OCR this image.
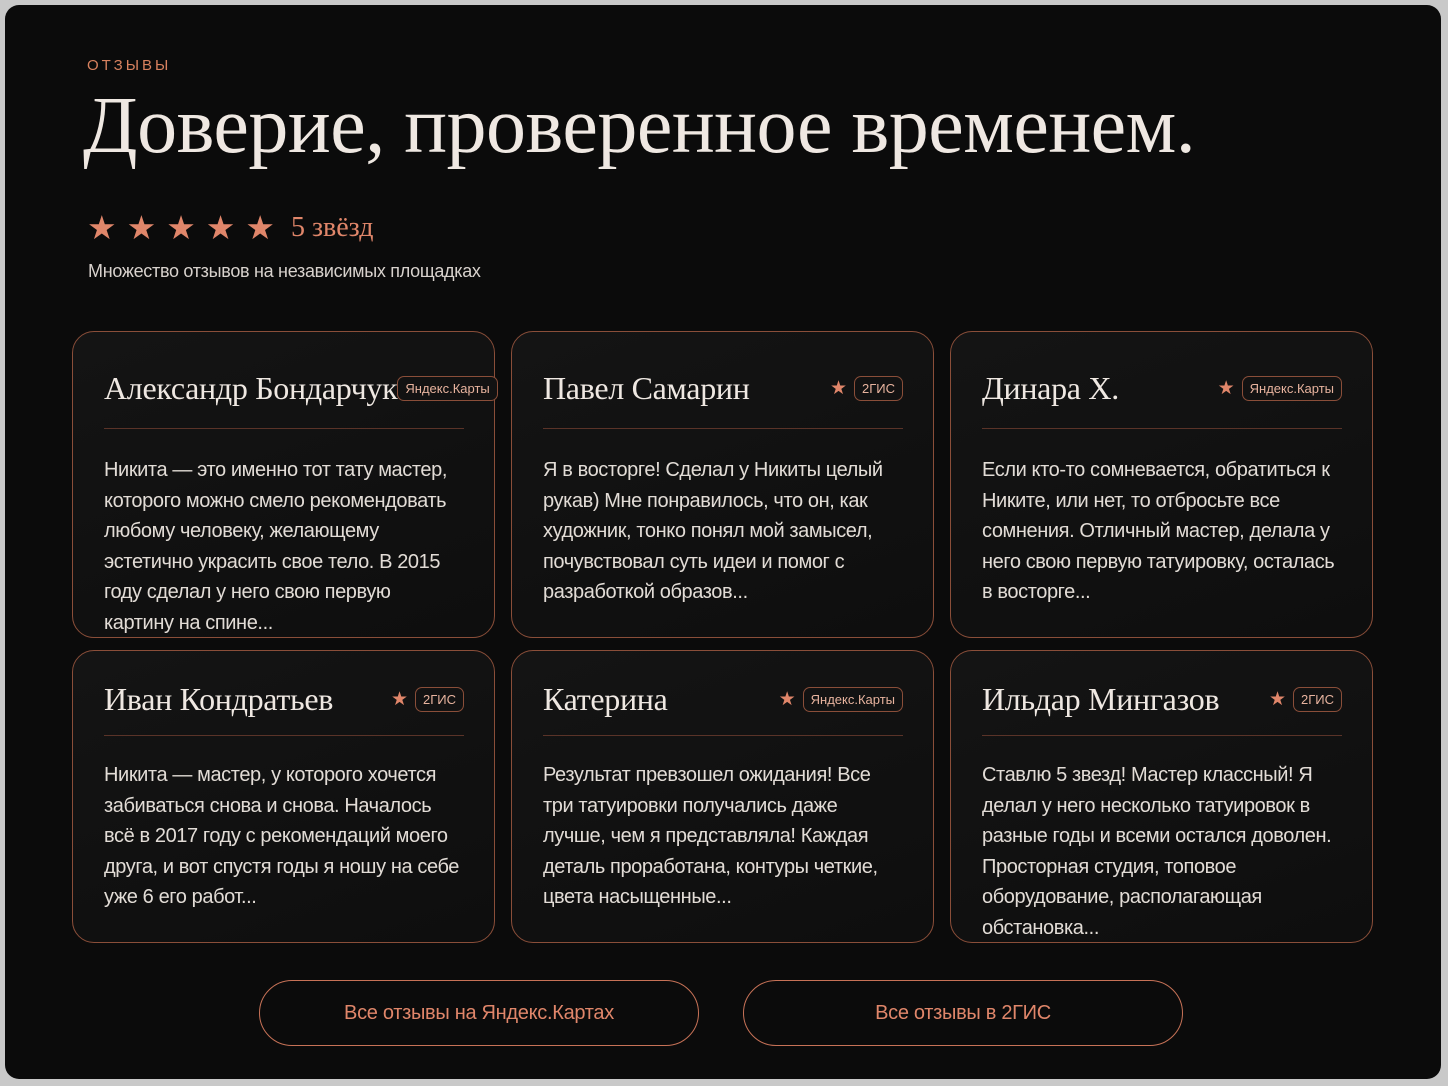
ОТЗЫВЫ
Доверие, проверенное временем.
★ ★ ★ ★ ★ 5 звёзд
Множество отзывов на независимых площадках
Александр Бондарчук Яндекс.Карты
Никита — это именно тот тату мастер, которого можно смело рекомендовать любому человеку, желающему эстетично украсить свое тело. В 2015 году сделал у него свою первую картину на спине...
Павел Самарин	★	2ГИС
Я в восторге! Сделал у Никиты целый рукав) Мне понравилось, что он, как художник, тонко понял мой замысел, почувствовал суть идеи и помог с разработкой образов...
Динара Х.	★	Яндекс.Карты
Если кто-то сомневается, обратиться к Никите, или нет, то отбросьте все сомнения. Отличный мастер, делала у него свою первую татуировку, осталась в восторге...
Иван Кондратьев	★	2ГИС
Никита — мастер, у которого хочется забиваться снова и снова. Началось всё в 2017 году с рекомендаций моего друга, и вот спустя годы я ношу на себе уже 6 его работ...
Катерина	★	Яндекс.Карты
Результат превзошел ожидания! Все три татуировки получались даже лучше, чем я представляла! Каждая деталь проработана, контуры четкие, цвета насыщенные...
Ильдар Мингазов	★	2ГИС
Ставлю 5 звезд! Мастер классный! Я делал у него несколько татуировок в разные годы и всеми остался доволен. Просторная студия, топовое оборудование, располагающая обстановка...
Все отзывы на Яндекс.Картах	Все отзывы в 2ГИС
